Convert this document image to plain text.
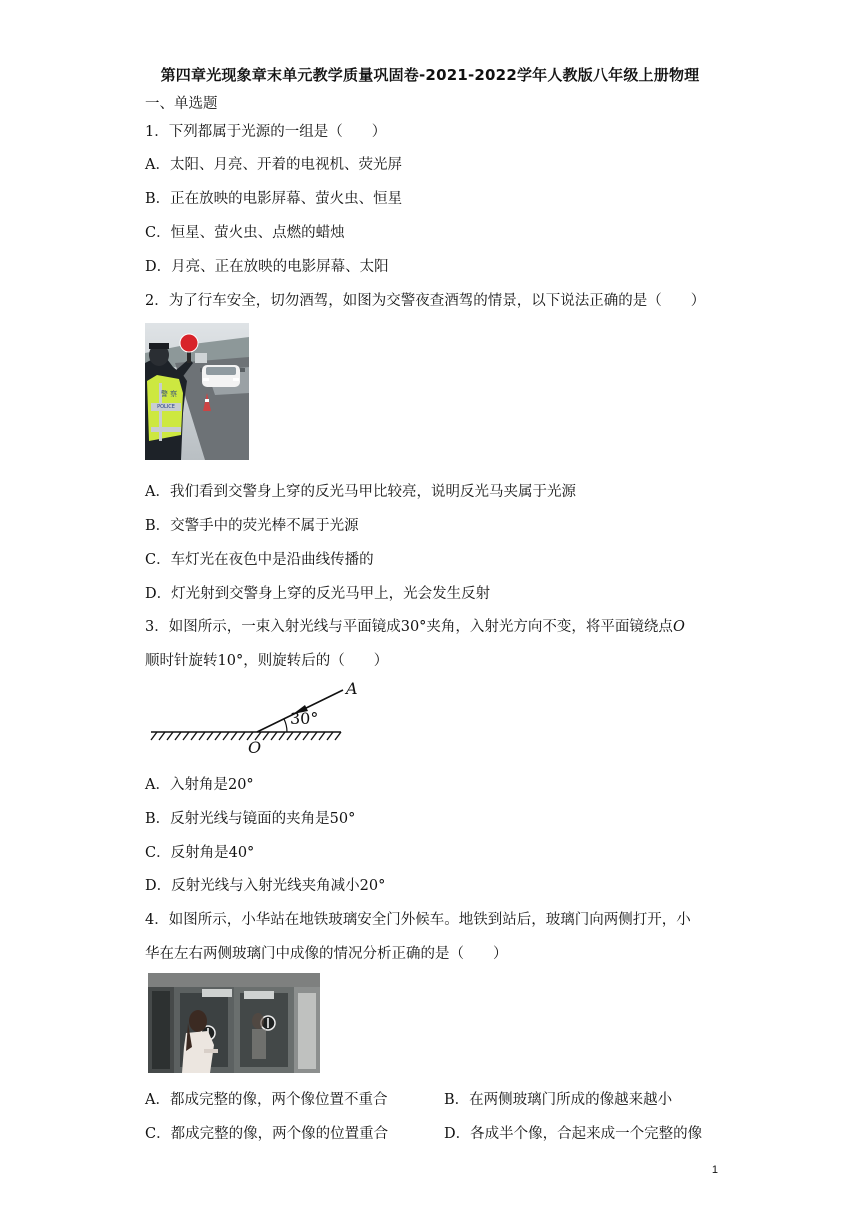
第四章光现象章末单元教学质量巩固卷-2021-2022学年人教版八年级上册物理
一、单选题
1．下列都属于光源的一组是（　　）
A．太阳、月亮、开着的电视机、荧光屏
B．正在放映的电影屏幕、萤火虫、恒星
C．恒星、萤火虫、点燃的蜡烛
D．月亮、正在放映的电影屏幕、太阳
2．为了行车安全，切勿酒驾，如图为交警夜查酒驾的情景，以下说法正确的是（　　）
警 察
POLICE
A．我们看到交警身上穿的反光马甲比较亮，说明反光马夹属于光源
B．交警手中的荧光棒不属于光源
C．车灯光在夜色中是沿曲线传播的
D．灯光射到交警身上穿的反光马甲上，光会发生反射
3．如图所示，一束入射光线与平面镜成30°夹角，入射光方向不变，将平面镜绕点O
顺时针旋转10°，则旋转后的（　　）
A
O
30°
A．入射角是20°
B．反射光线与镜面的夹角是50°
C．反射角是40°
D．反射光线与入射光线夹角减小20°
4．如图所示，小华站在地铁玻璃安全门外候车。地铁到站后，玻璃门向两侧打开，小
华在左右两侧玻璃门中成像的情况分析正确的是（　　）
A．都成完整的像，两个像位置不重合	B．在两侧玻璃门所成的像越来越小
C．都成完整的像，两个像的位置重合	D．各成半个像，合起来成一个完整的像
1
